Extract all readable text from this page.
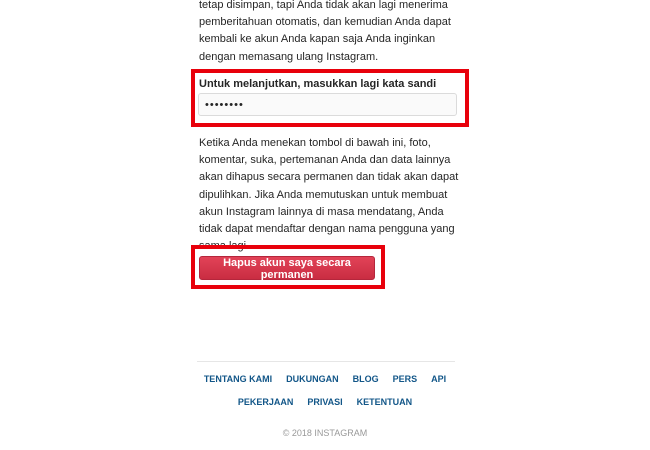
tetap disimpan, tapi Anda tidak akan lagi menerima pemberitahuan otomatis, dan kemudian Anda dapat kembali ke akun Anda kapan saja Anda inginkan dengan memasang ulang Instagram.

Untuk melanjutkan, masukkan lagi kata sandi
••••••••

Ketika Anda menekan tombol di bawah ini, foto, komentar, suka, pertemanan Anda dan data lainnya akan dihapus secara permanen dan tidak akan dapat dipulihkan. Jika Anda memutuskan untuk membuat akun Instagram lainnya di masa mendatang, Anda tidak dapat mendaftar dengan nama pengguna yang sama lagi.

Hapus akun saya secara permanen
TENTANG KAMI DUKUNGAN BLOG PERS API
PEKERJAAN PRIVASI KETENTUAN
© 2018 INSTAGRAM
